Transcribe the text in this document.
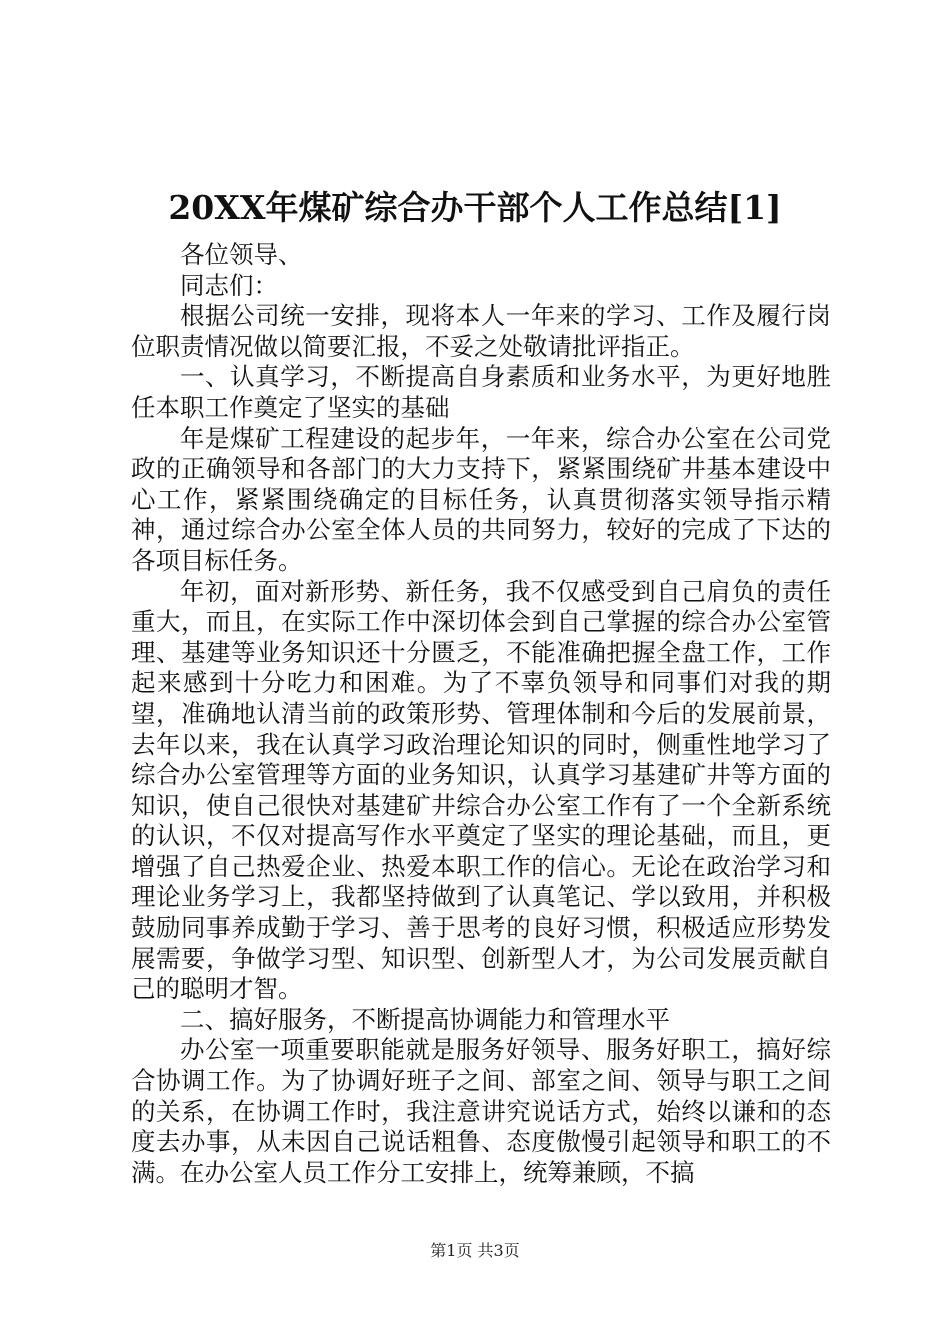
20XX年煤矿综合办干部个人工作总结[1]

各位领导、

同志们：

根据公司统一安排，现将本人一年来的学习、工作及履行岗位职责情况做以简要汇报，不妥之处敬请批评指正。

一、认真学习，不断提高自身素质和业务水平，为更好地胜任本职工作奠定了坚实的基础

年是煤矿工程建设的起步年，一年来，综合办公室在公司党政的正确领导和各部门的大力支持下，紧紧围绕矿井基本建设中心工作，紧紧围绕确定的目标任务，认真贯彻落实领导指示精神，通过综合办公室全体人员的共同努力，较好的完成了下达的各项目标任务。

年初，面对新形势、新任务，我不仅感受到自己肩负的责任重大，而且，在实际工作中深切体会到自己掌握的综合办公室管理、基建等业务知识还十分匮乏，不能准确把握全盘工作，工作起来感到十分吃力和困难。为了不辜负领导和同事们对我的期望，准确地认清当前的政策形势、管理体制和今后的发展前景，去年以来，我在认真学习政治理论知识的同时，侧重性地学习了综合办公室管理等方面的业务知识，认真学习基建矿井等方面的知识，使自己很快对基建矿井综合办公室工作有了一个全新系统的认识，不仅对提高写作水平奠定了坚实的理论基础，而且，更增强了自己热爱企业、热爱本职工作的信心。无论在政治学习和理论业务学习上，我都坚持做到了认真笔记、学以致用，并积极鼓励同事养成勤于学习、善于思考的良好习惯，积极适应形势发展需要，争做学习型、知识型、创新型人才，为公司发展贡献自己的聪明才智。

二、搞好服务，不断提高协调能力和管理水平

办公室一项重要职能就是服务好领导、服务好职工，搞好综合协调工作。为了协调好班子之间、部室之间、领导与职工之间的关系，在协调工作时，我注意讲究说话方式，始终以谦和的态度去办事，从未因自己说话粗鲁、态度傲慢引起领导和职工的不满。在办公室人员工作分工安排上，统筹兼顾，不搞

第1页 共3页
